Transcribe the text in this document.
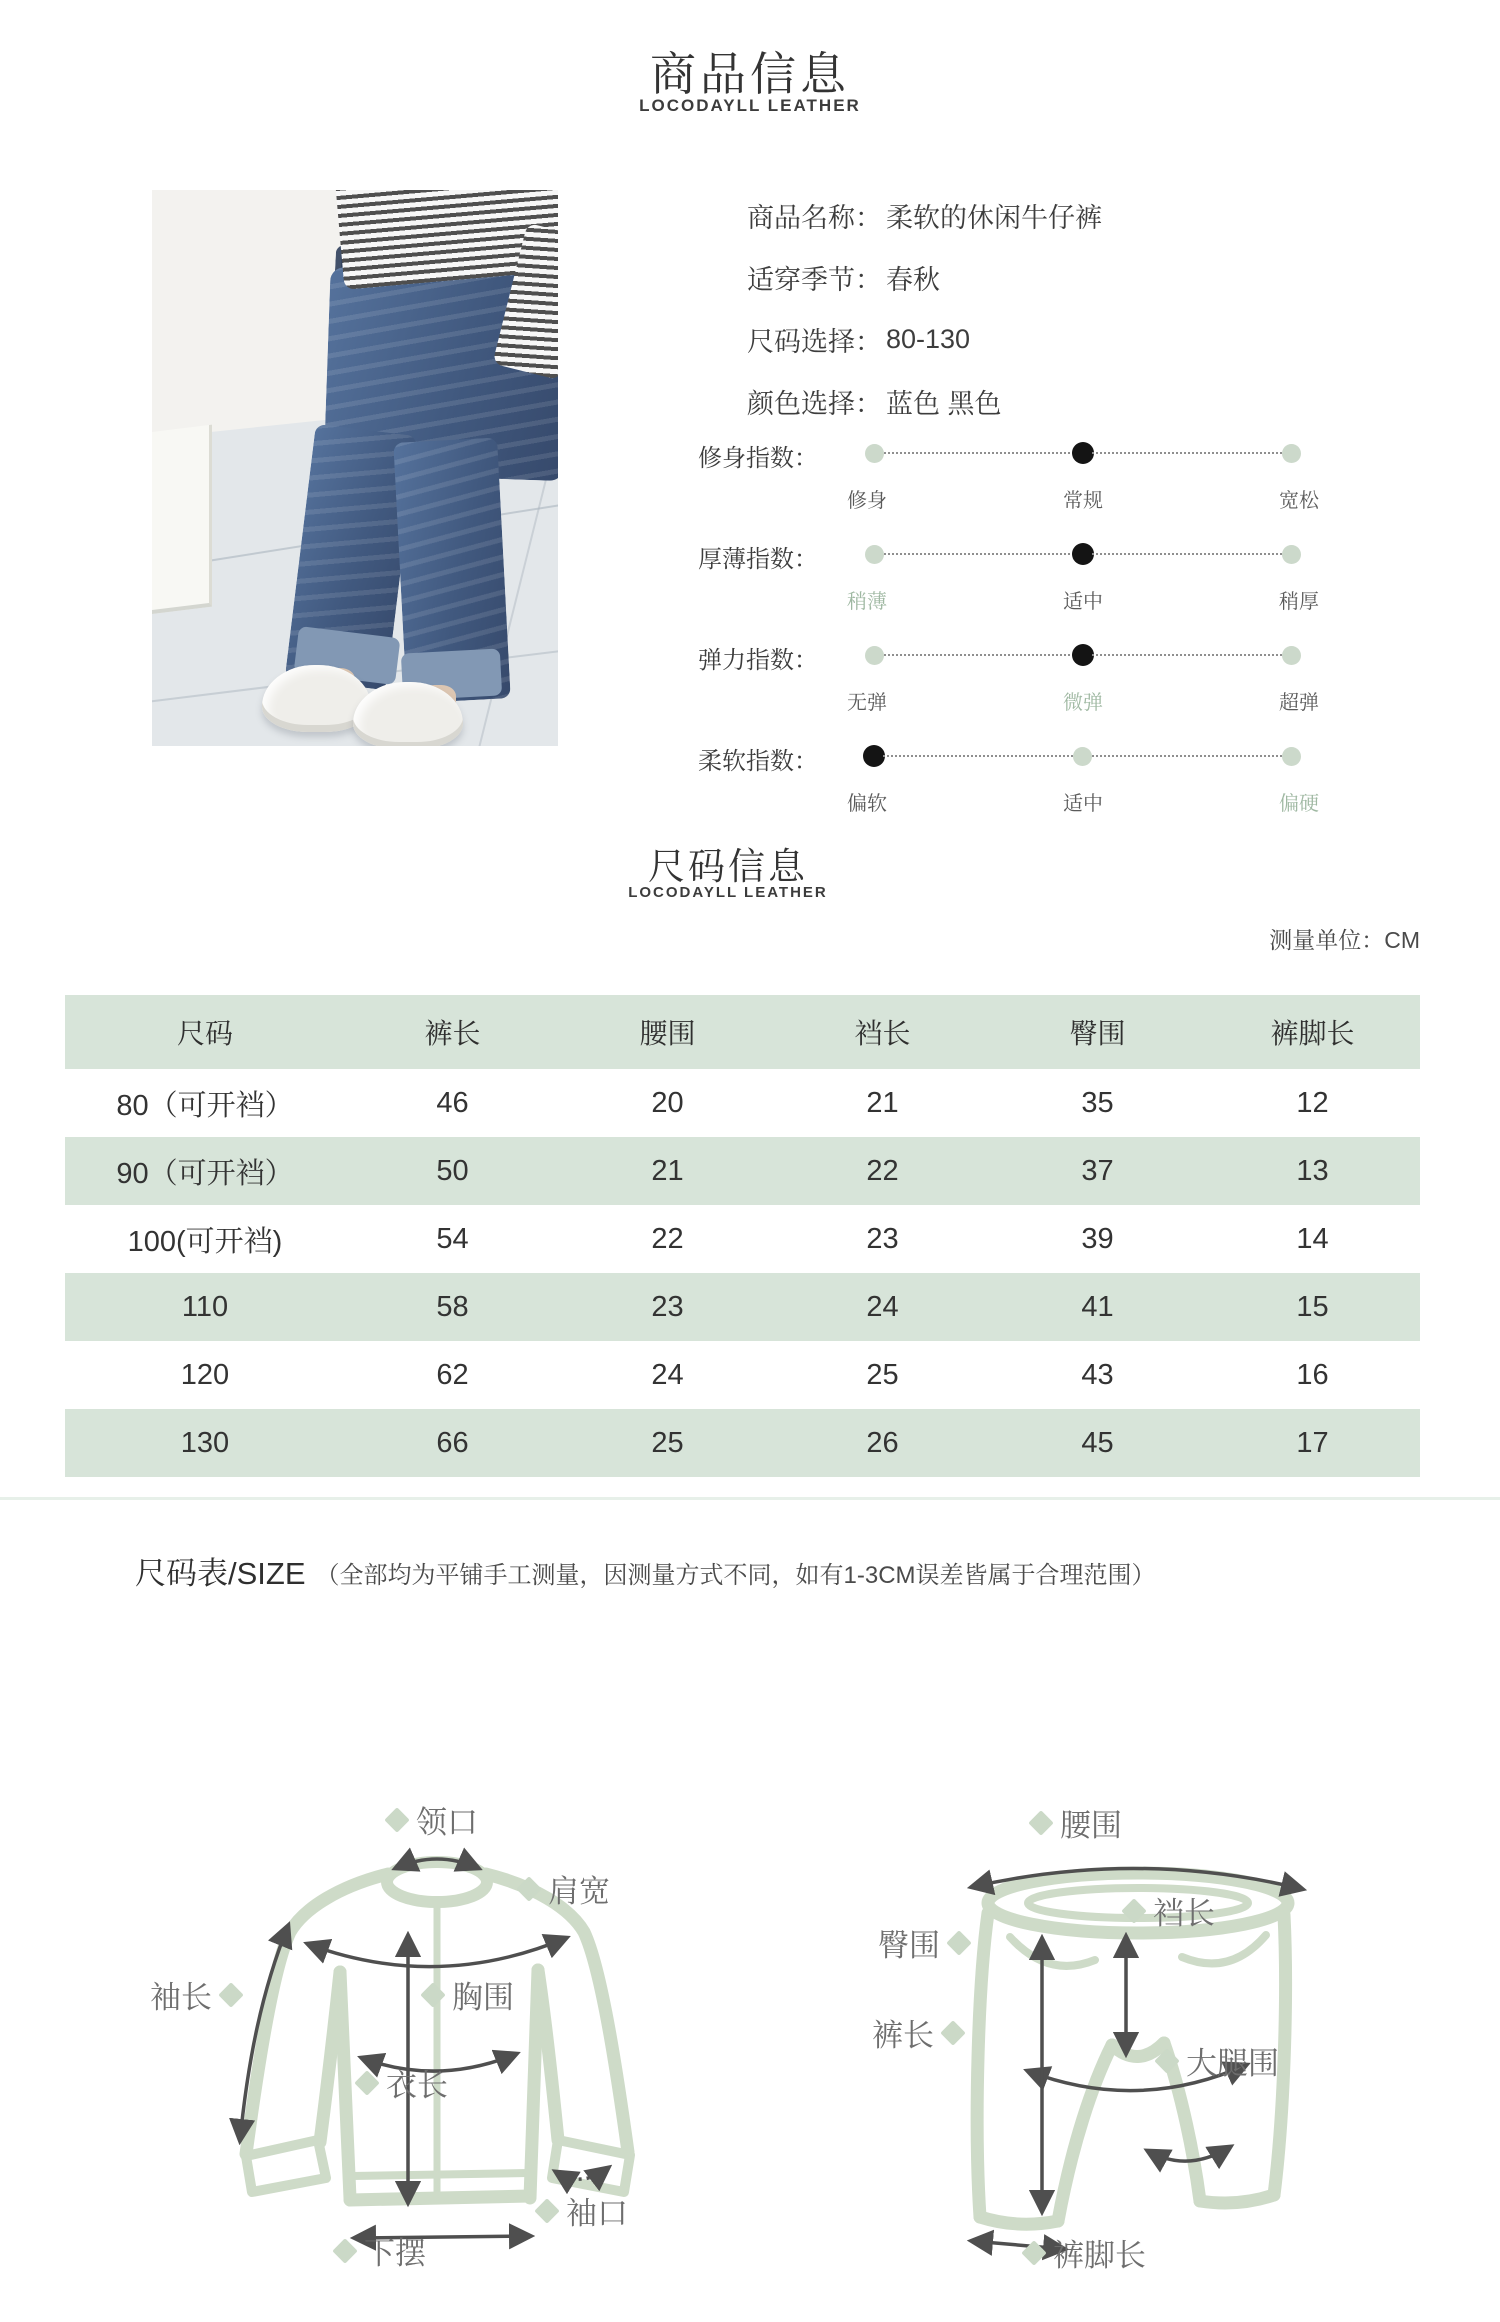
商品信息
LOCODAYLL LEATHER
商品名称： 柔软的休闲牛仔裤
适穿季节： 春秋
尺码选择： 80-130
颜色选择： 蓝色 黑色
修身指数：
修身	常规	宽松
厚薄指数：
稍薄	适中	稍厚
弹力指数：
无弹	微弹	超弹
柔软指数：
偏软	适中	偏硬
尺码信息
LOCODAYLL LEATHER
测量单位：CM
尺码	裤长	腰围	裆长	臀围	裤脚长
80（可开裆）	46	20	21	35	12
90（可开裆）	50	21	22	37	13
100(可开裆)	54	22	23	39	14
110	58	23	24	41	15
120	62	24	25	43	16
130	66	25	26	45	17
尺码表/SIZE （全部均为平铺手工测量，因测量方式不同，如有1-3CM误差皆属于合理范围）
领口
肩宽
袖长	胸围
衣长
袖口
下摆
腰围
裆长
臀围
裤长
大腿围
裤脚长
